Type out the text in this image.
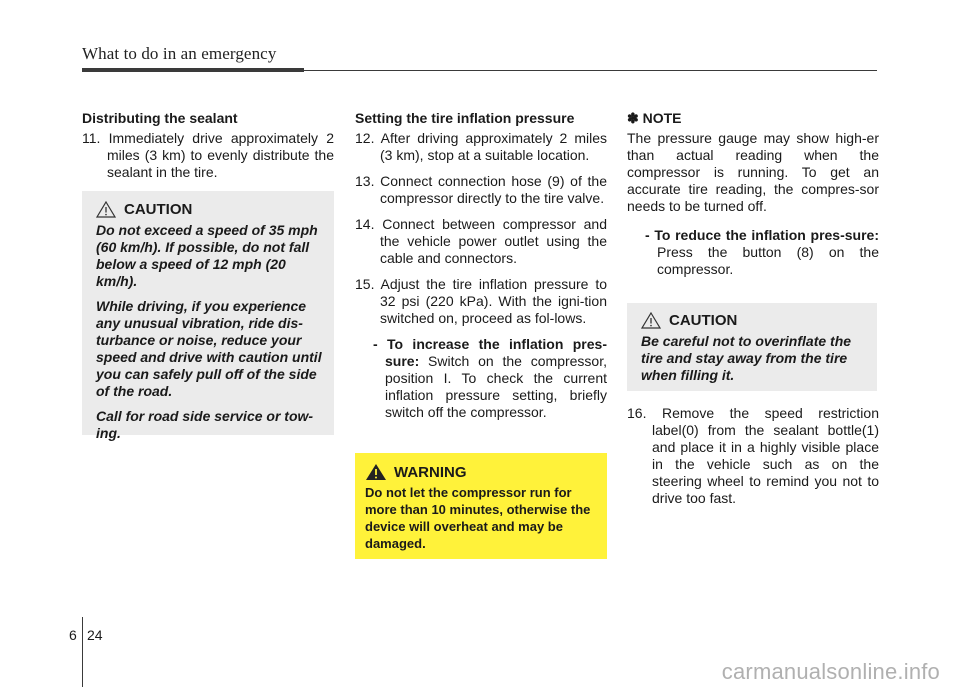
What to do in an emergency
Distributing the sealant
11. Immediately drive approximately 2 miles (3 km) to evenly distribute the sealant in the tire.
CAUTION

Do not exceed a speed of 35 mph (60 km/h). If possible, do not fall below a speed of 12 mph (20 km/h).

While driving, if you experience any unusual vibration, ride dis-turbance or noise, reduce your speed and drive with caution until you can safely pull off of the side of the road.

Call for road side service or tow-ing.

Setting the tire inflation pressure
12. After driving approximately 2 miles (3 km), stop at a suitable location.
13. Connect connection hose (9) of the compressor directly to the tire valve.
14. Connect between compressor and the vehicle power outlet using the cable and connectors.
15. Adjust the tire inflation pressure to 32 psi (220 kPa). With the igni-tion switched on, proceed as fol-lows.
- To increase the inflation pres-sure: Switch on the compressor, position I. To check the current inflation pressure setting, briefly switch off the compressor.
WARNING
Do not let the compressor run for more than 10 minutes, otherwise the device will overheat and may be damaged.
✽ NOTE

The pressure gauge may show high-er than actual reading when the compressor is running. To get an accurate tire reading, the compres-sor needs to be turned off.

- To reduce the inflation pres-sure: Press the button (8) on the compressor.
CAUTION

Be careful not to overinflate the tire and stay away from the tire when filling it.

16. Remove the speed restriction label(0) from the sealant bottle(1) and place it in a highly visible place in the vehicle such as on the steering wheel to remind you not to drive too fast.
6 24
carmanualsonline.info
